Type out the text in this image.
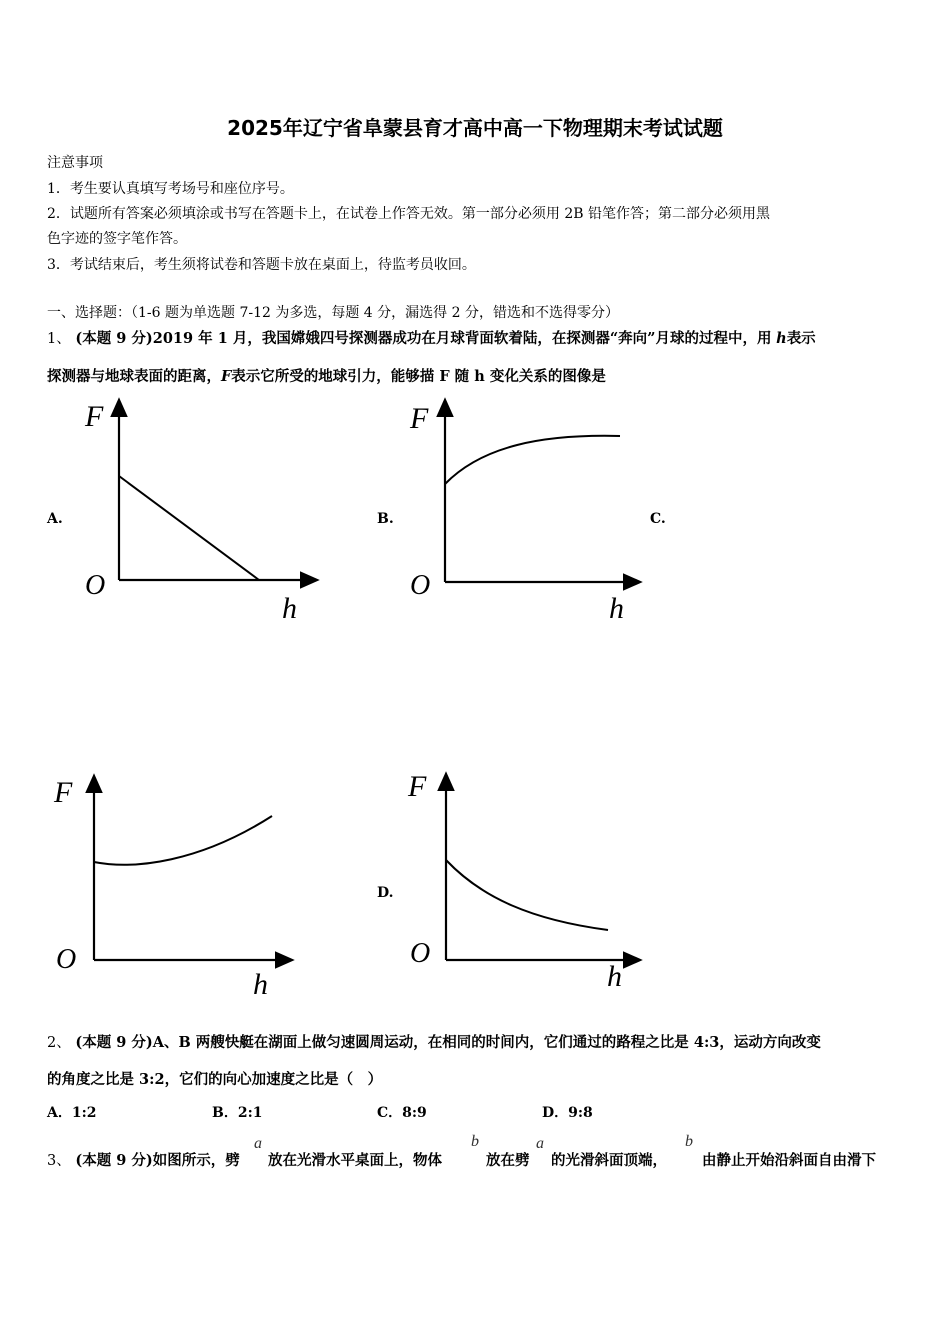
2025年辽宁省阜蒙县育才高中高一下物理期末考试试题
注意事项
1．考生要认真填写考场号和座位序号。
2．试题所有答案必须填涂或书写在答题卡上，在试卷上作答无效。第一部分必须用 2B 铅笔作答；第二部分必须用黑
色字迹的签字笔作答。
3．考试结束后，考生须将试卷和答题卡放在桌面上，待监考员收回。
一、选择题：（1-6 题为单选题 7-12 为多选，每题 4 分，漏选得 2 分，错选和不选得零分）
1、 (本题 9 分)2019 年 1 月，我国嫦娥四号探测器成功在月球背面软着陆，在探测器“奔向”月球的过程中，用 h表示
探测器与地球表面的距离，F表示它所受的地球引力，能够描 F 随 h 变化关系的图像是
A.	B.	C.
D.
F
O
h
F
O
h
F
O
h
F
O
h
2、 (本题 9 分)A、B 两艘快艇在湖面上做匀速圆周运动，在相同的时间内，它们通过的路程之比是 4:3，运动方向改变
的角度之比是 3:2，它们的向心加速度之比是（　）
A．1:2	B．2:1	C．8:9	D．9:8
3、 (本题 9 分)如图所示，劈
a
放在光滑水平桌面上，物体
b
放在劈
a
的光滑斜面顶端，
b
由静止开始沿斜面自由滑下
